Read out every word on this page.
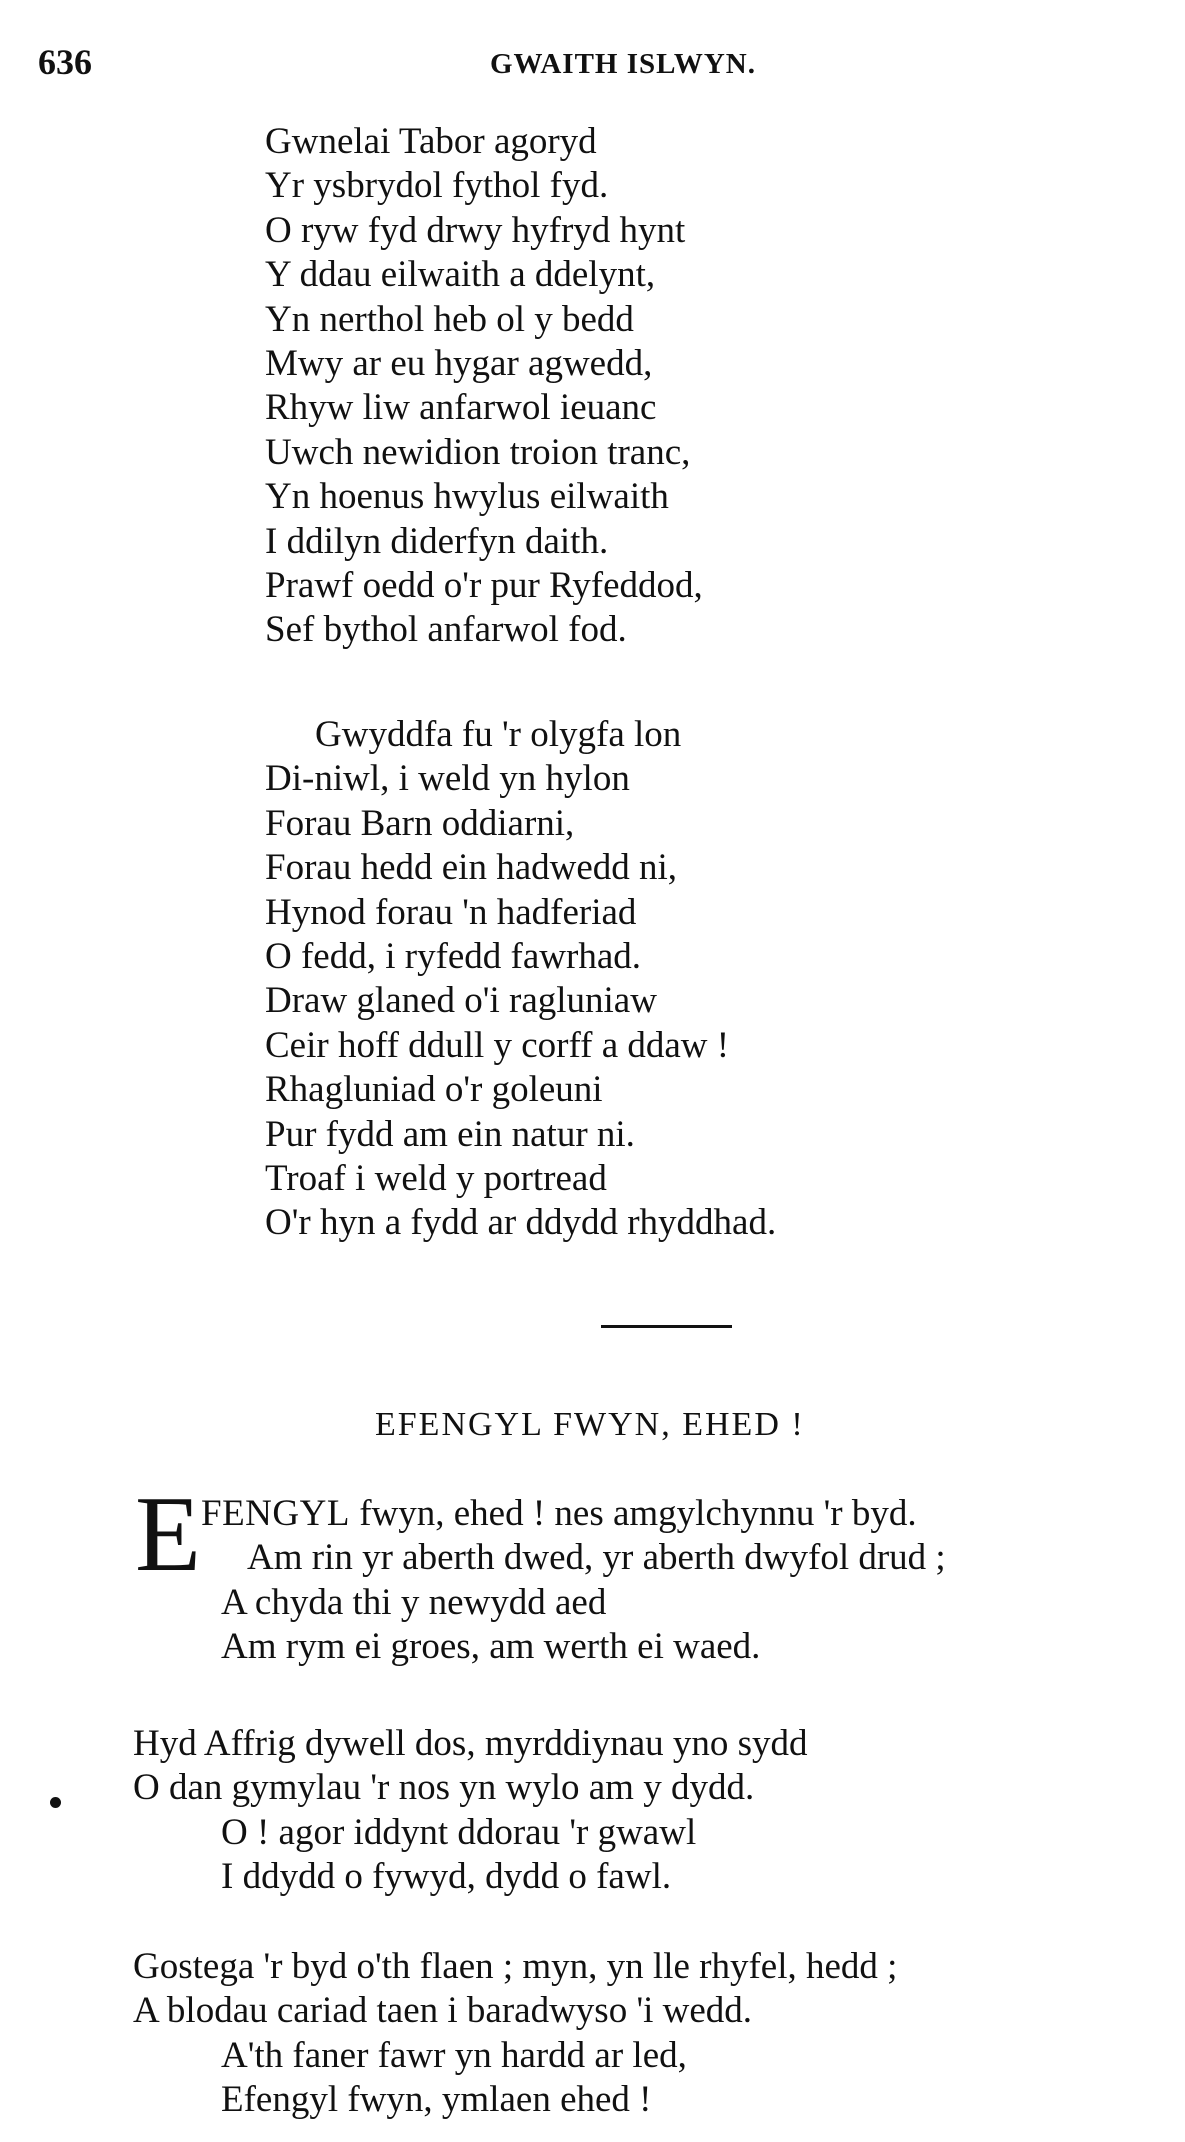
636	GWAITH ISLWYN.
Gwnelai Tabor agoryd
Yr ysbrydol fythol fyd.
O ryw fyd drwy hyfryd hynt
Y ddau eilwaith a ddelynt,
Yn nerthol heb ol y bedd
Mwy ar eu hygar agwedd,
Rhyw liw anfarwol ieuanc
Uwch newidion troion tranc,
Yn hoenus hwylus eilwaith
I ddilyn diderfyn daith.
Prawf oedd o'r pur Ryfeddod,
Sef bythol anfarwol fod.
Gwyddfa fu 'r olygfa lon
Di-niwl, i weld yn hylon
Forau Barn oddiarni,
Forau hedd ein hadwedd ni,
Hynod forau 'n hadferiad
O fedd, i ryfedd fawrhad.
Draw glaned o'i ragluniaw
Ceir hoff ddull y corff a ddaw !
Rhagluniad o'r goleuni
Pur fydd am ein natur ni.
Troaf i weld y portread
O'r hyn a fydd ar ddydd rhyddhad.
EFENGYL FWYN, EHED !
E FENGYL fwyn, ehed ! nes amgylchynnu 'r byd.
Am rin yr aberth dwed, yr aberth dwyfol drud ;
A chyda thi y newydd aed
Am rym ei groes, am werth ei waed.
Hyd Affrig dywell dos, myrddiynau yno sydd
O dan gymylau 'r nos yn wylo am y dydd.
O ! agor iddynt ddorau 'r gwawl
I ddydd o fywyd, dydd o fawl.
Gostega 'r byd o'th flaen ; myn, yn lle rhyfel, hedd ;
A blodau cariad taen i baradwyso 'i wedd.
A'th faner fawr yn hardd ar led,
Efengyl fwyn, ymlaen ehed !
